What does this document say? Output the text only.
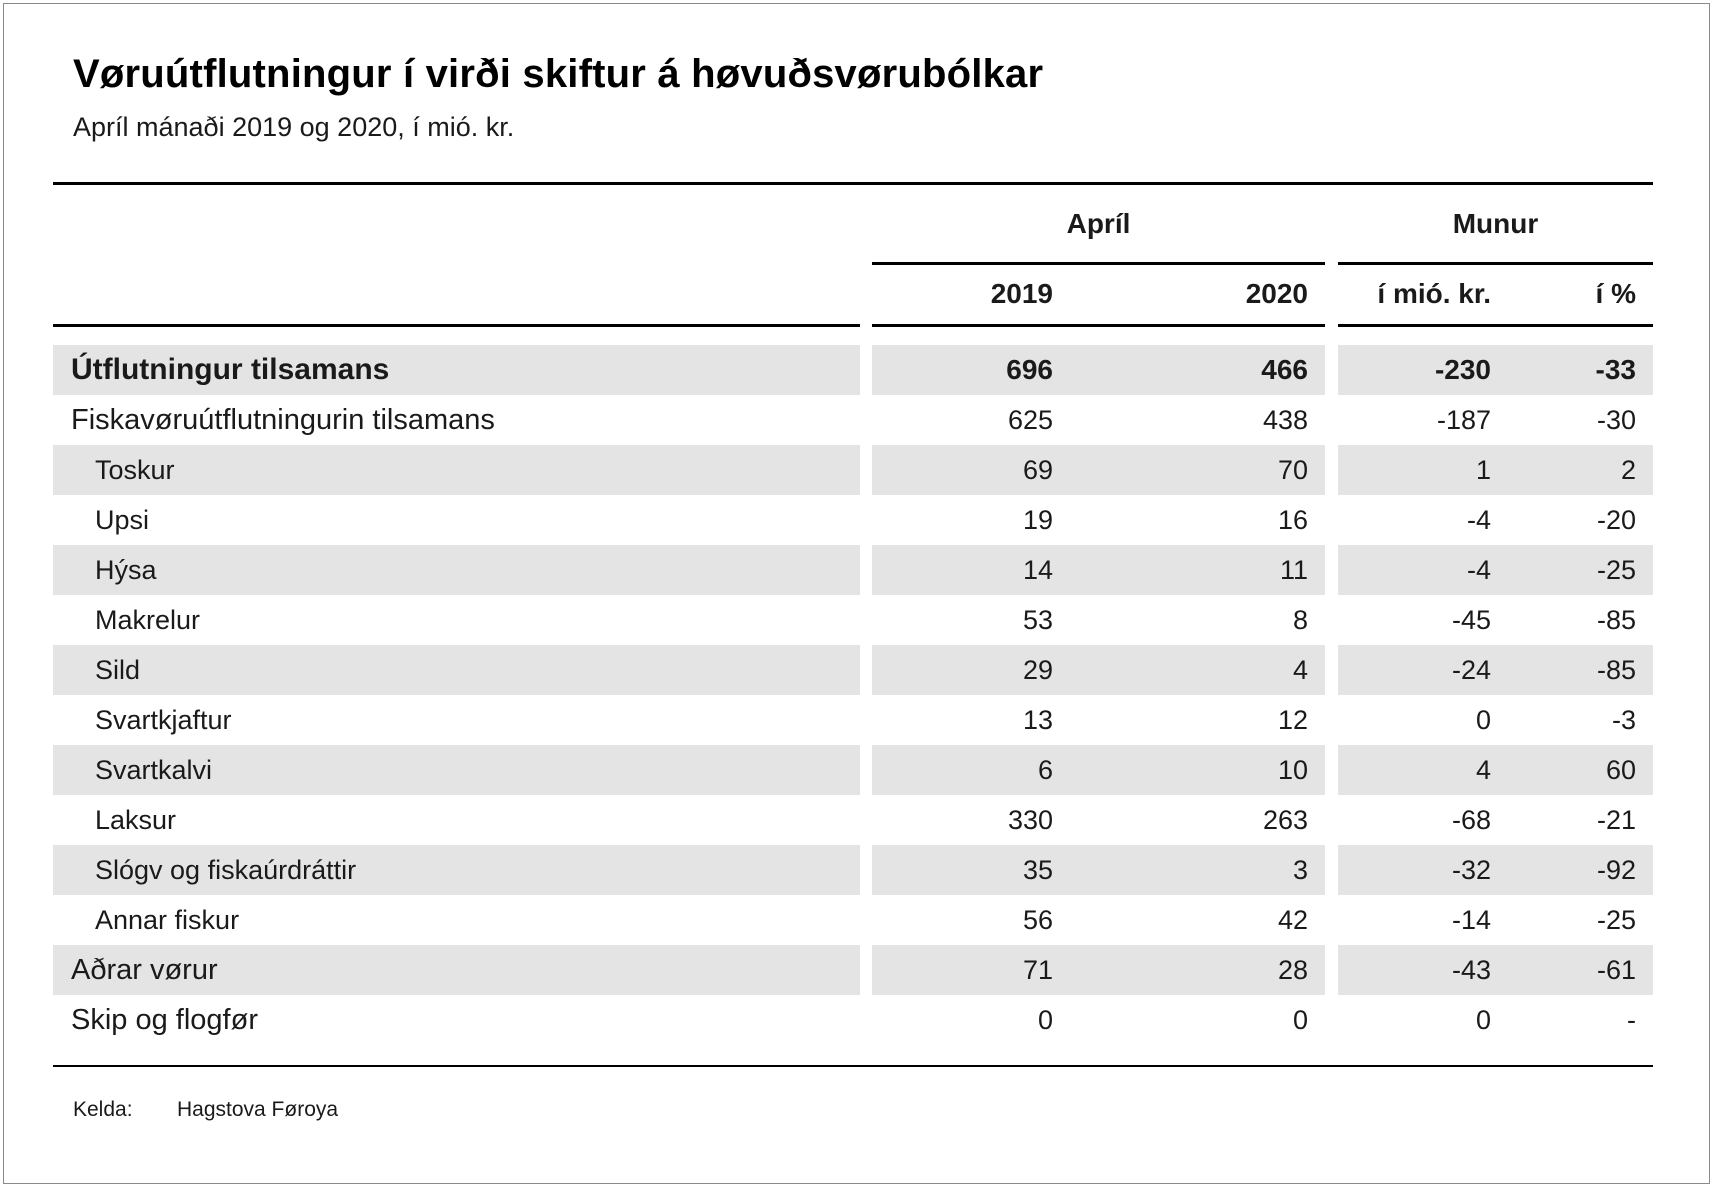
Vøruútflutningur í virði skiftur á høvuðsvørubólkar
Apríl mánaði 2019 og 2020, í mió. kr.
Apríl	Munur
2019	2020	í mió. kr.	í %
Útflutningur tilsamans	696	466	-230	-33
Fiskavøruútflutningurin tilsamans	625	438	-187	-30
Toskur	69	70	1	2
Upsi	19	16	-4	-20
Hýsa	14	11	-4	-25
Makrelur	53	8	-45	-85
Sild	29	4	-24	-85
Svartkjaftur	13	12	0	-3
Svartkalvi	6	10	4	60
Laksur	330	263	-68	-21
Slógv og fiskaúrdráttir	35	3	-32	-92
Annar fiskur	56	42	-14	-25
Aðrar vørur	71	28	-43	-61
Skip og flogfør	0	0	0	-
Kelda:	Hagstova Føroya
